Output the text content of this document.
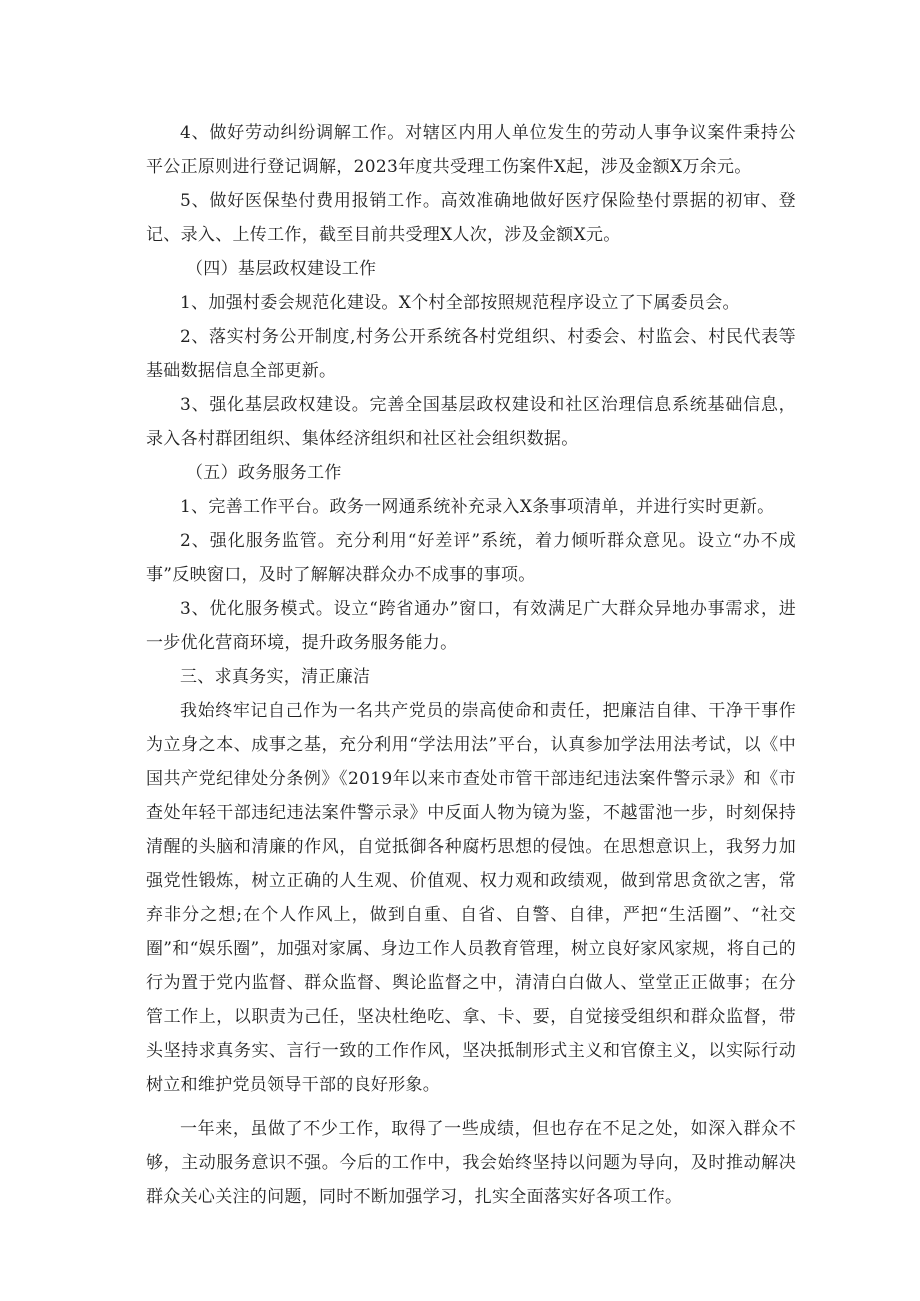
4、做好劳动纠纷调解工作。对辖区内用人单位发生的劳动人事争议案件秉持公平公正原则进行登记调解，2023年度共受理工伤案件X起，涉及金额X万余元。

5、做好医保垫付费用报销工作。高效准确地做好医疗保险垫付票据的初审、登记、录入、上传工作，截至目前共受理X人次，涉及金额X元。

（四）基层政权建设工作

1、加强村委会规范化建设。X个村全部按照规范程序设立了下属委员会。

2、落实村务公开制度,村务公开系统各村党组织、村委会、村监会、村民代表等基础数据信息全部更新。

3、强化基层政权建设。完善全国基层政权建设和社区治理信息系统基础信息，录入各村群团组织、集体经济组织和社区社会组织数据。

（五）政务服务工作

1、完善工作平台。政务一网通系统补充录入X条事项清单，并进行实时更新。

2、强化服务监管。充分利用“好差评”系统，着力倾听群众意见。设立“办不成事”反映窗口，及时了解解决群众办不成事的事项。

3、优化服务模式。设立“跨省通办”窗口，有效满足广大群众异地办事需求，进一步优化营商环境，提升政务服务能力。

三、求真务实，清正廉洁

我始终牢记自己作为一名共产党员的崇高使命和责任，把廉洁自律、干净干事作为立身之本、成事之基，充分利用“学法用法”平台，认真参加学法用法考试，以《中国共产党纪律处分条例》《2019年以来市查处市管干部违纪违法案件警示录》和《市查处年轻干部违纪违法案件警示录》中反面人物为镜为鉴，不越雷池一步，时刻保持清醒的头脑和清廉的作风，自觉抵御各种腐朽思想的侵蚀。在思想意识上，我努力加强党性锻炼，树立正确的人生观、价值观、权力观和政绩观，做到常思贪欲之害，常弃非分之想;在个人作风上，做到自重、自省、自警、自律，严把“生活圈”、“社交圈”和“娱乐圈”，加强对家属、身边工作人员教育管理，树立良好家风家规，将自己的行为置于党内监督、群众监督、舆论监督之中，清清白白做人、堂堂正正做事；在分管工作上，以职责为己任，坚决杜绝吃、拿、卡、要，自觉接受组织和群众监督，带头坚持求真务实、言行一致的工作作风，坚决抵制形式主义和官僚主义，以实际行动树立和维护党员领导干部的良好形象。

一年来，虽做了不少工作，取得了一些成绩，但也存在不足之处，如深入群众不够，主动服务意识不强。今后的工作中，我会始终坚持以问题为导向，及时推动解决群众关心关注的问题，同时不断加强学习，扎实全面落实好各项工作。
